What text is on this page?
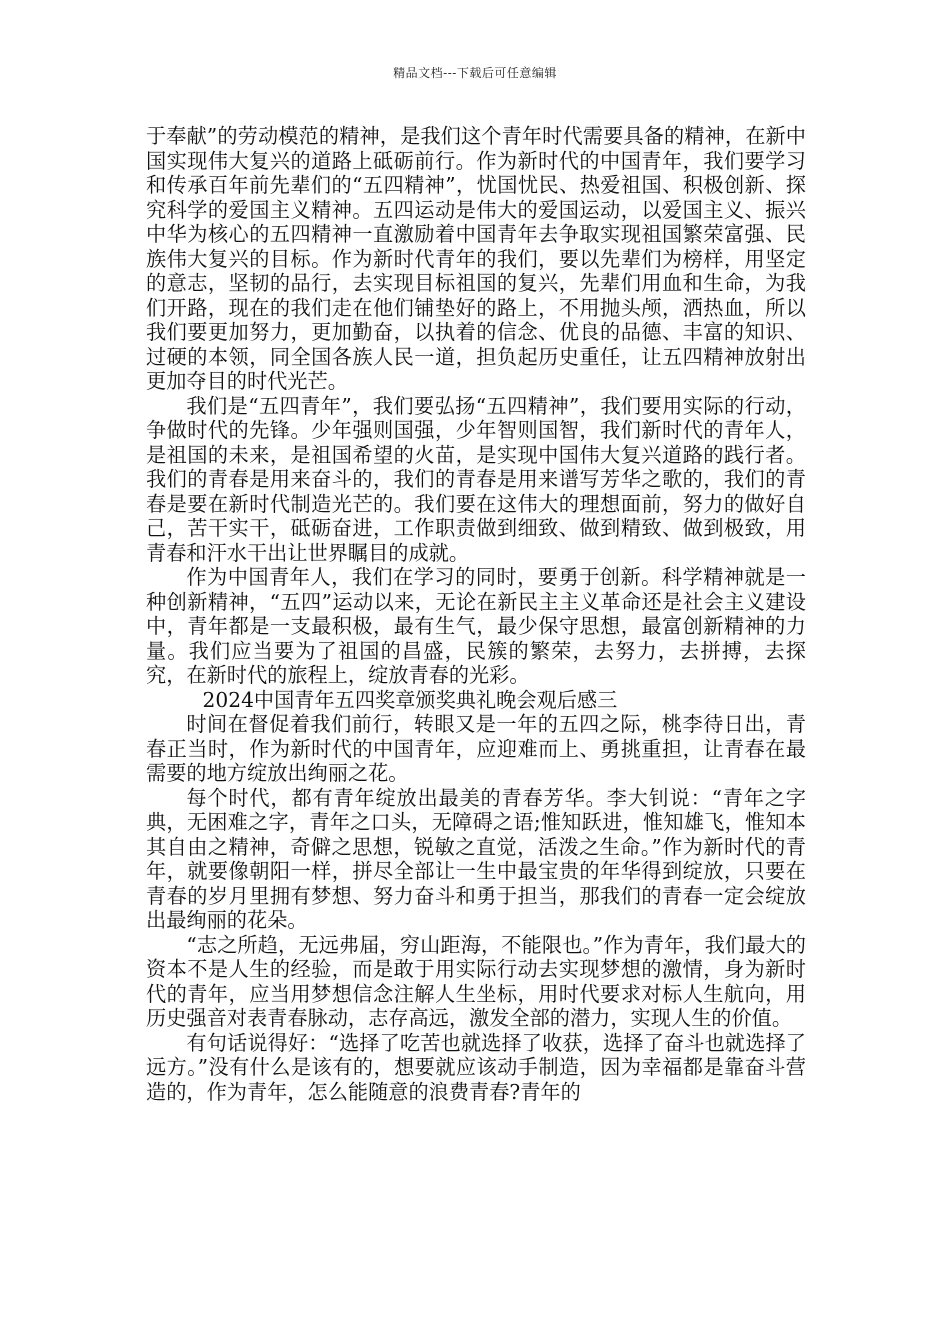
精品文档---下载后可任意编辑

于奉献”的劳动模范的精神，是我们这个青年时代需要具备的精神，在新中国实现伟大复兴的道路上砥砺前行。作为新时代的中国青年，我们要学习和传承百年前先辈们的“五四精神”，忧国忧民、热爱祖国、积极创新、探究科学的爱国主义精神。五四运动是伟大的爱国运动，以爱国主义、振兴中华为核心的五四精神一直激励着中国青年去争取实现祖国繁荣富强、民族伟大复兴的目标。作为新时代青年的我们，要以先辈们为榜样，用坚定的意志，坚韧的品行，去实现目标祖国的复兴，先辈们用血和生命，为我们开路，现在的我们走在他们铺垫好的路上，不用抛头颅，洒热血，所以我们要更加努力，更加勤奋，以执着的信念、优良的品德、丰富的知识、过硬的本领，同全国各族人民一道，担负起历史重任，让五四精神放射出更加夺目的时代光芒。

我们是“五四青年”，我们要弘扬“五四精神”，我们要用实际的行动，争做时代的先锋。少年强则国强，少年智则国智，我们新时代的青年人，是祖国的未来，是祖国希望的火苗，是实现中国伟大复兴道路的践行者。我们的青春是用来奋斗的，我们的青春是用来谱写芳华之歌的，我们的青春是要在新时代制造光芒的。我们要在这伟大的理想面前，努力的做好自己，苦干实干，砥砺奋进，工作职责做到细致、做到精致、做到极致，用青春和汗水干出让世界瞩目的成就。

作为中国青年人，我们在学习的同时，要勇于创新。科学精神就是一种创新精神，“五四”运动以来，无论在新民主主义革命还是社会主义建设中，青年都是一支最积极，最有生气，最少保守思想，最富创新精神的力量。我们应当要为了祖国的昌盛，民簇的繁荣，去努力，去拼搏，去探究，在新时代的旅程上，绽放青春的光彩。

2024中国青年五四奖章颁奖典礼晚会观后感三

时间在督促着我们前行，转眼又是一年的五四之际，桃李待日出，青春正当时，作为新时代的中国青年，应迎难而上、勇挑重担，让青春在最需要的地方绽放出绚丽之花。

每个时代，都有青年绽放出最美的青春芳华。李大钊说：“青年之字典，无困难之字，青年之口头，无障碍之语;惟知跃进，惟知雄飞，惟知本其自由之精神，奇僻之思想，锐敏之直觉，活泼之生命。”作为新时代的青年，就要像朝阳一样，拼尽全部让一生中最宝贵的年华得到绽放，只要在青春的岁月里拥有梦想、努力奋斗和勇于担当，那我们的青春一定会绽放出最绚丽的花朵。

“志之所趋，无远弗届，穷山距海，不能限也。”作为青年，我们最大的资本不是人生的经验，而是敢于用实际行动去实现梦想的激情，身为新时代的青年，应当用梦想信念注解人生坐标，用时代要求对标人生航向，用历史强音对表青春脉动，志存高远，激发全部的潜力，实现人生的价值。

有句话说得好：“选择了吃苦也就选择了收获，选择了奋斗也就选择了远方。”没有什么是该有的，想要就应该动手制造，因为幸福都是靠奋斗营造的，作为青年，怎么能随意的浪费青春?青年的
